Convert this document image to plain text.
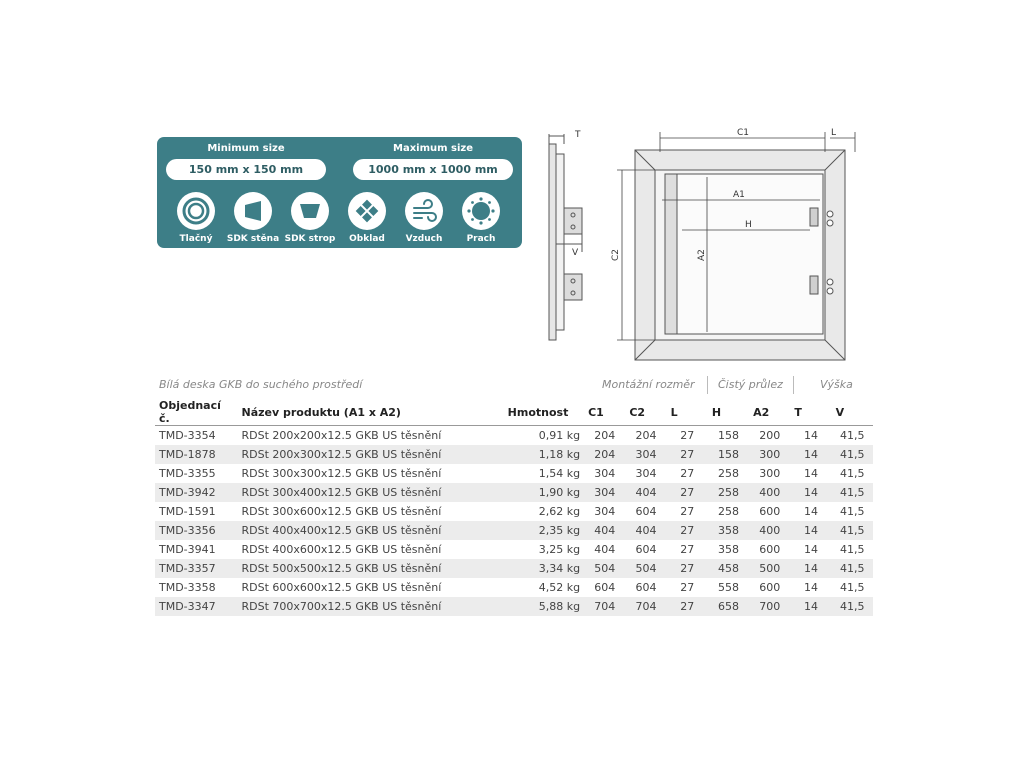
Minimum size
150 mm x 150 mm
Maximum size
1000 mm x 1000 mm
Tlačný	SDK stěna SDK strop	Obklad	Vzduch	Prach
T
V
C1	L
A1
H
C2	A2
Bílá deska GKB do suchého prostředí	Montážní rozměr Čistý průlez	Výška
Objednací č.	Název produktu (A1 x A2)	Hmotnost	C1	C2	L	H	A2	T	V
TMD-3354	RDSt 200x200x12.5 GKB US těsnění	0,91 kg	204	204	27	158	200	14	41,5
TMD-1878	RDSt 200x300x12.5 GKB US těsnění	1,18 kg	204	304	27	158	300	14	41,5
TMD-3355	RDSt 300x300x12.5 GKB US těsnění	1,54 kg	304	304	27	258	300	14	41,5
TMD-3942	RDSt 300x400x12.5 GKB US těsnění	1,90 kg	304	404	27	258	400	14	41,5
TMD-1591	RDSt 300x600x12.5 GKB US těsnění	2,62 kg	304	604	27	258	600	14	41,5
TMD-3356	RDSt 400x400x12.5 GKB US těsnění	2,35 kg	404	404	27	358	400	14	41,5
TMD-3941	RDSt 400x600x12.5 GKB US těsnění	3,25 kg	404	604	27	358	600	14	41,5
TMD-3357	RDSt 500x500x12.5 GKB US těsnění	3,34 kg	504	504	27	458	500	14	41,5
TMD-3358	RDSt 600x600x12.5 GKB US těsnění	4,52 kg	604	604	27	558	600	14	41,5
TMD-3347	RDSt 700x700x12.5 GKB US těsnění	5,88 kg	704	704	27	658	700	14	41,5
